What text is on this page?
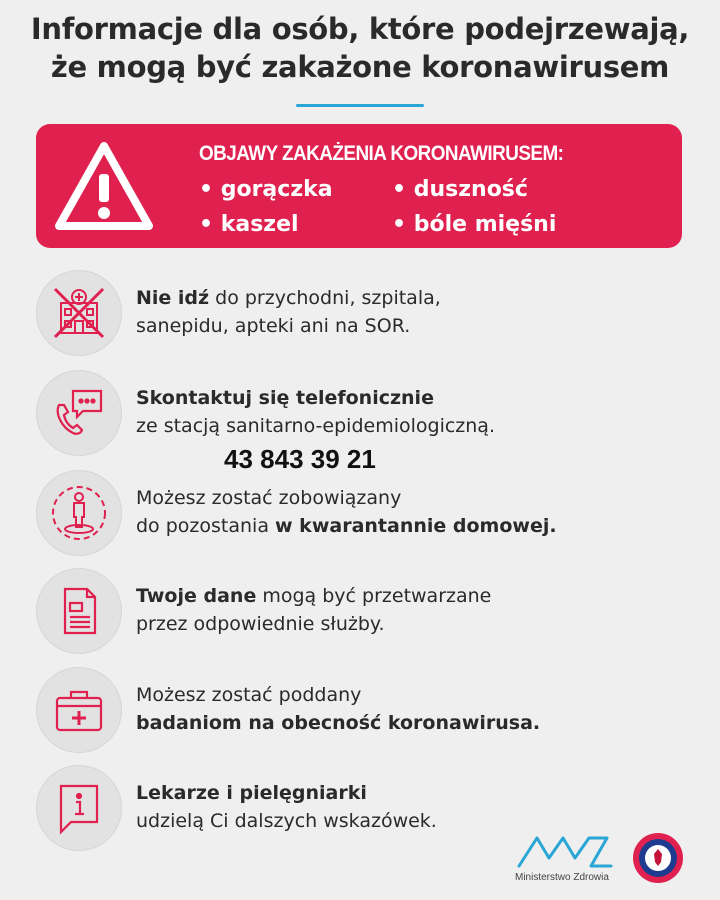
Informacje dla osób, które podejrzewają,
że mogą być zakażone koronawirusem
OBJAWY ZAKAŻENIA KORONAWIRUSEM:
• gorączka	• duszność
• kaszel	• bóle mięśni
Nie idź do przychodni, szpitala,
sanepidu, apteki ani na SOR.
Skontaktuj się telefonicznie
ze stacją sanitarno-epidemiologiczną.
43 843 39 21
Możesz zostać zobowiązany
do pozostania w kwarantannie domowej.
Twoje dane mogą być przetwarzane
przez odpowiednie służby.
Możesz zostać poddany
badaniom na obecność koronawirusa.
Lekarze i pielęgniarki
udzielą Ci dalszych wskazówek.
Ministerstwo Zdrowia
